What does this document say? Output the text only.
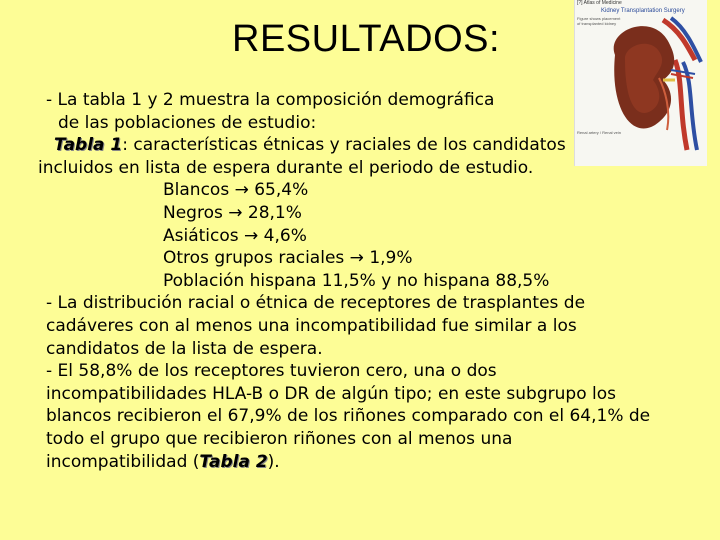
RESULTADOS:
[?] Atlas of Medicine
Kidney Transplantation Surgery
Figure shows placement of transplanted kidney
Renal artery / Renal vein
- La tabla 1 y 2 muestra la composición demográfica
de las poblaciones de estudio:
Tabla 1: características étnicas y raciales de los candidatos
incluidos en lista de espera durante el periodo de estudio.
Blancos → 65,4%
Negros → 28,1%
Asiáticos → 4,6%
Otros grupos raciales → 1,9%
Población hispana 11,5% y no hispana 88,5%
- La distribución racial o étnica de receptores de trasplantes de cadáveres con al menos una incompatibilidad fue similar a los candidatos de la lista de espera.
- El 58,8% de los receptores tuvieron cero, una o dos incompatibilidades HLA-B o DR de algún tipo; en este subgrupo los blancos recibieron el 67,9% de los riñones comparado con el 64,1% de todo el grupo que recibieron riñones con al menos una incompatibilidad (Tabla 2).
